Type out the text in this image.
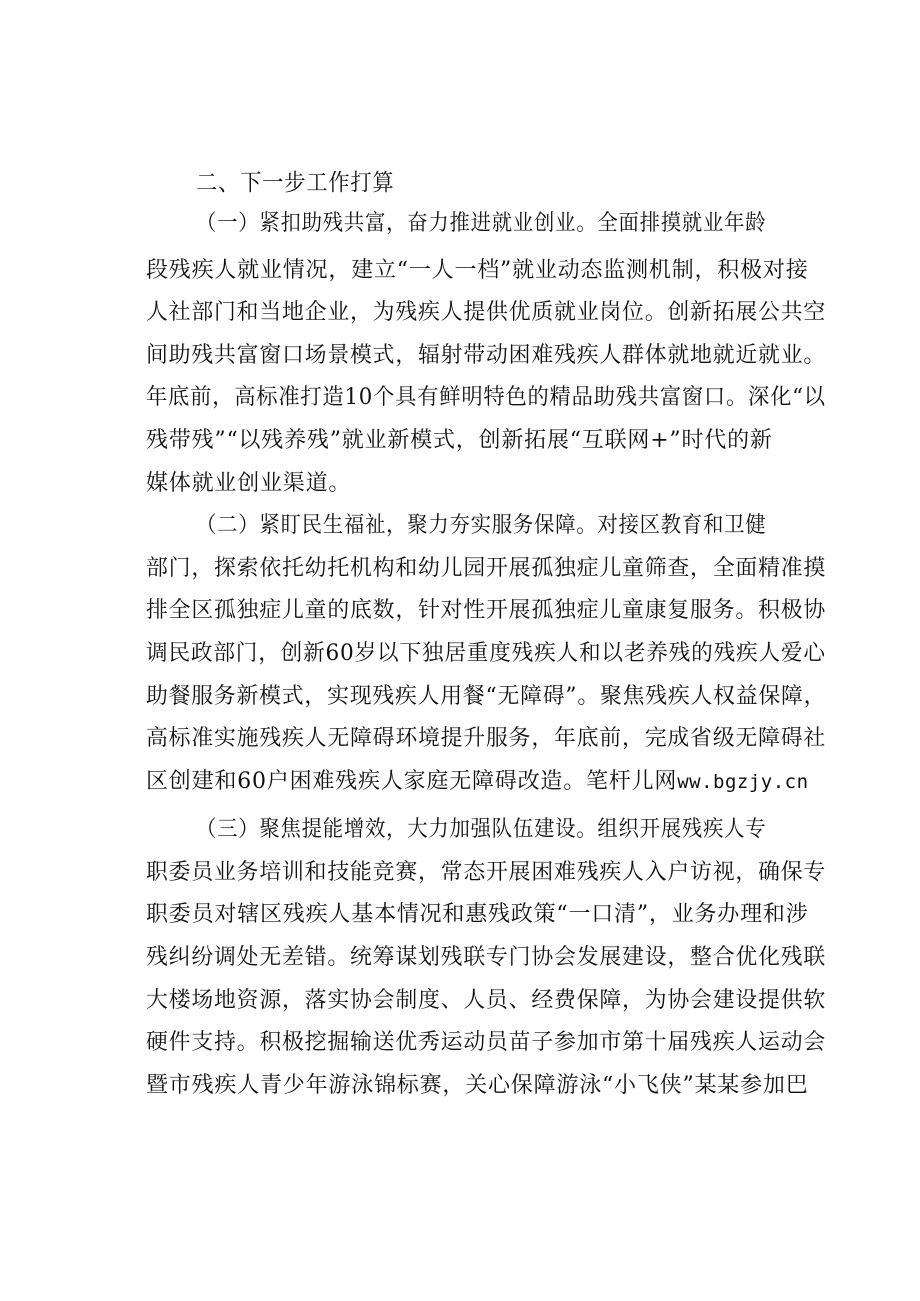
二、下一步工作打算
（一）紧扣助残共富，奋力推进就业创业。全面排摸就业年龄
段残疾人就业情况，建立“一人一档”就业动态监测机制，积极对接
人社部门和当地企业，为残疾人提供优质就业岗位。创新拓展公共空
间助残共富窗口场景模式，辐射带动困难残疾人群体就地就近就业。
年底前，高标准打造10个具有鲜明特色的精品助残共富窗口。深化“以
残带残”“以残养残”就业新模式，创新拓展“互联网+”时代的新
媒体就业创业渠道。
（二）紧盯民生福祉，聚力夯实服务保障。对接区教育和卫健
部门，探索依托幼托机构和幼儿园开展孤独症儿童筛查，全面精准摸
排全区孤独症儿童的底数，针对性开展孤独症儿童康复服务。积极协
调民政部门，创新60岁以下独居重度残疾人和以老养残的残疾人爱心
助餐服务新模式，实现残疾人用餐“无障碍”。聚焦残疾人权益保障，
高标准实施残疾人无障碍环境提升服务，年底前，完成省级无障碍社
区创建和60户困难残疾人家庭无障碍改造。笔杆儿网ww.bgzjy.cn
（三）聚焦提能增效，大力加强队伍建设。组织开展残疾人专
职委员业务培训和技能竞赛，常态开展困难残疾人入户访视，确保专
职委员对辖区残疾人基本情况和惠残政策“一口清”，业务办理和涉
残纠纷调处无差错。统筹谋划残联专门协会发展建设，整合优化残联
大楼场地资源，落实协会制度、人员、经费保障，为协会建设提供软
硬件支持。积极挖掘输送优秀运动员苗子参加市第十届残疾人运动会
暨市残疾人青少年游泳锦标赛，关心保障游泳“小飞侠”某某参加巴
